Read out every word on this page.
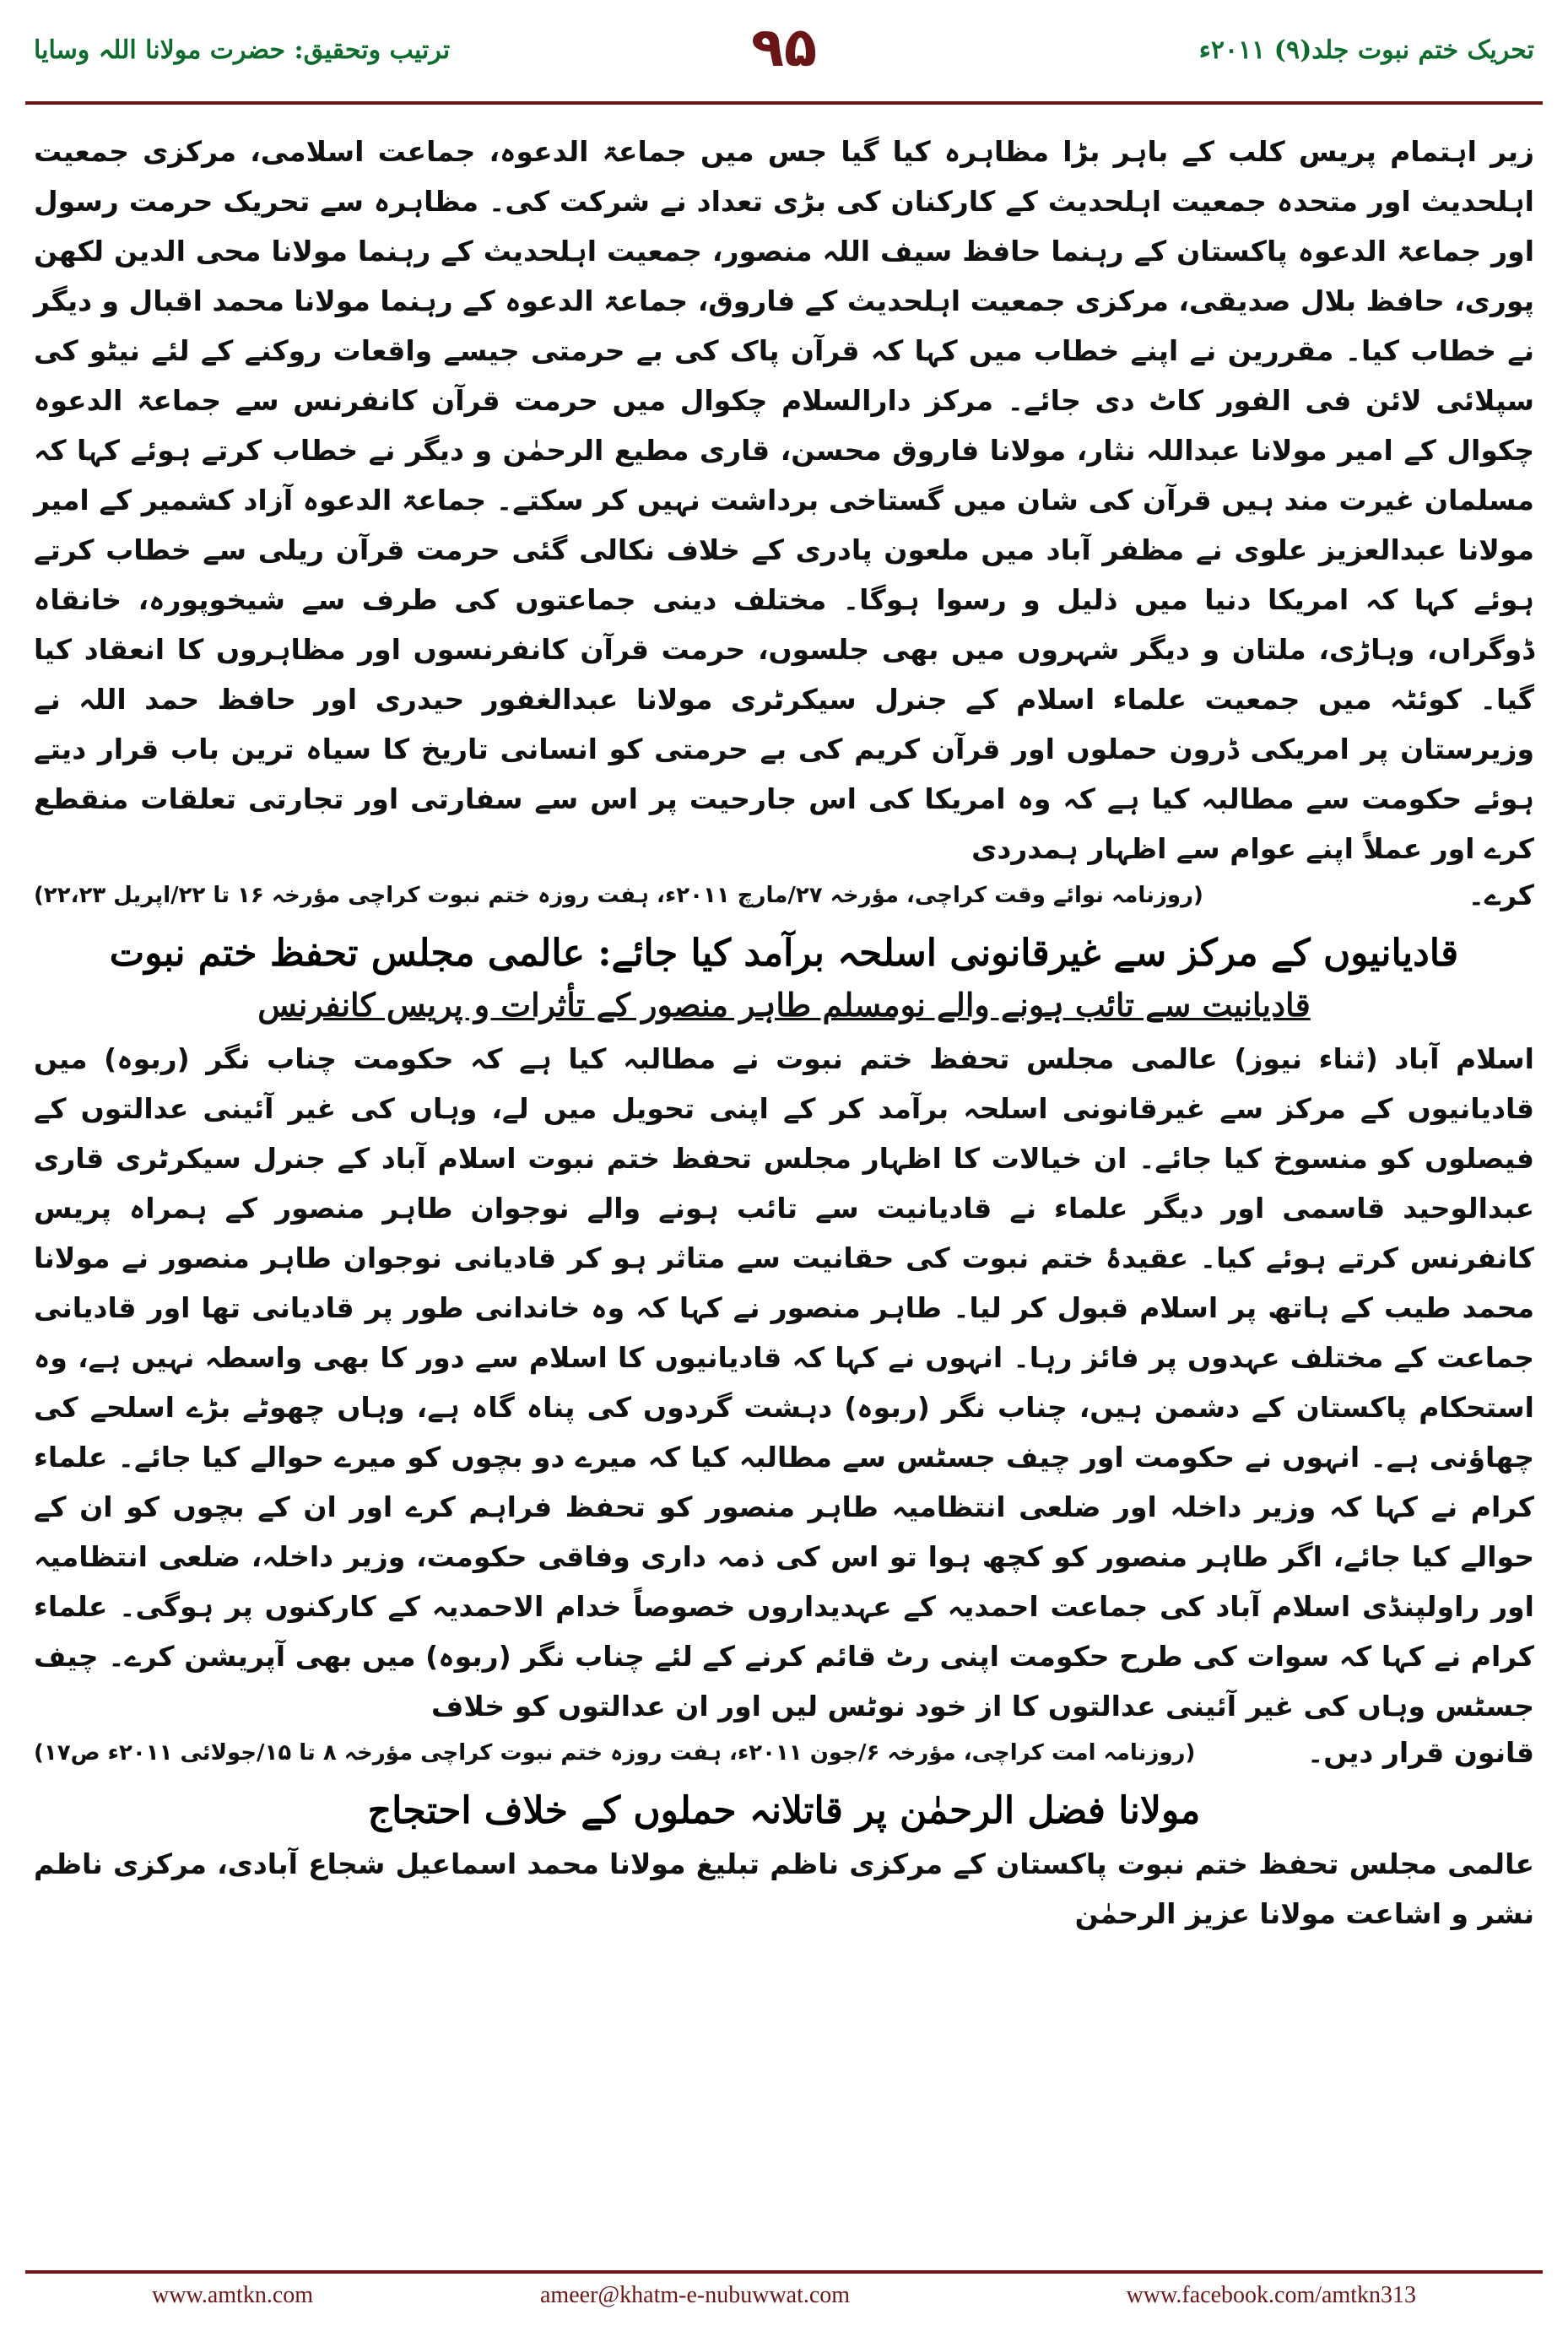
تحریک ختم نبوت جلد(۹) ۲۰۱۱ء
۹۵
ترتیب وتحقیق: حضرت مولانا اللہ وسایا

زیر اہتمام پریس کلب کے باہر بڑا مظاہرہ کیا گیا جس میں جماعۃ الدعوہ، جماعت اسلامی، مرکزی جمعیت اہلحدیث اور متحدہ جمعیت اہلحدیث کے کارکنان کی بڑی تعداد نے شرکت کی۔ مظاہرہ سے تحریک حرمت رسول اور جماعۃ الدعوہ پاکستان کے رہنما حافظ سیف اللہ منصور، جمعیت اہلحدیث کے رہنما مولانا محی الدین لکھن پوری، حافظ بلال صدیقی، مرکزی جمعیت اہلحدیث کے فاروق، جماعۃ الدعوہ کے رہنما مولانا محمد اقبال و دیگر نے خطاب کیا۔ مقررین نے اپنے خطاب میں کہا کہ قرآن پاک کی بے حرمتی جیسے واقعات روکنے کے لئے نیٹو کی سپلائی لائن فی الفور کاٹ دی جائے۔ مرکز دارالسلام چکوال میں حرمت قرآن کانفرنس سے جماعۃ الدعوہ چکوال کے امیر مولانا عبداللہ نثار، مولانا فاروق محسن، قاری مطیع الرحمٰن و دیگر نے خطاب کرتے ہوئے کہا کہ مسلمان غیرت مند ہیں قرآن کی شان میں گستاخی برداشت نہیں کر سکتے۔ جماعۃ الدعوہ آزاد کشمیر کے امیر مولانا عبدالعزیز علوی نے مظفر آباد میں ملعون پادری کے خلاف نکالی گئی حرمت قرآن ریلی سے خطاب کرتے ہوئے کہا کہ امریکا دنیا میں ذلیل و رسوا ہوگا۔ مختلف دینی جماعتوں کی طرف سے شیخوپورہ، خانقاہ ڈوگراں، وہاڑی، ملتان و دیگر شہروں میں بھی جلسوں، حرمت قرآن کانفرنسوں اور مظاہروں کا انعقاد کیا گیا۔ کوئٹہ میں جمعیت علماء اسلام کے جنرل سیکرٹری مولانا عبدالغفور حیدری اور حافظ حمد اللہ نے وزیرستان پر امریکی ڈرون حملوں اور قرآن کریم کی بے حرمتی کو انسانی تاریخ کا سیاہ ترین باب قرار دیتے ہوئے حکومت سے مطالبہ کیا ہے کہ وہ امریکا کی اس جارحیت پر اس سے سفارتی اور تجارتی تعلقات منقطع کرے اور عملاً اپنے عوام سے اظہار ہمدردی

کرے۔
(روزنامہ نوائے وقت کراچی، مؤرخہ ۲۷/مارچ ۲۰۱۱ء، ہفت روزہ ختم نبوت کراچی مؤرخہ ۱۶ تا ۲۲/اپریل ۲۲،۲۳)
قادیانیوں کے مرکز سے غیرقانونی اسلحہ برآمد کیا جائے: عالمی مجلس تحفظ ختم نبوت
قادیانیت سے تائب ہونے والے نومسلم طاہر منصور کے تأثرات و پریس کانفرنس

اسلام آباد (ثناء نیوز) عالمی مجلس تحفظ ختم نبوت نے مطالبہ کیا ہے کہ حکومت چناب نگر (ربوہ) میں قادیانیوں کے مرکز سے غیرقانونی اسلحہ برآمد کر کے اپنی تحویل میں لے، وہاں کی غیر آئینی عدالتوں کے فیصلوں کو منسوخ کیا جائے۔ ان خیالات کا اظہار مجلس تحفظ ختم نبوت اسلام آباد کے جنرل سیکرٹری قاری عبدالوحید قاسمی اور دیگر علماء نے قادیانیت سے تائب ہونے والے نوجوان طاہر منصور کے ہمراہ پریس کانفرنس کرتے ہوئے کیا۔ عقیدۂ ختم نبوت کی حقانیت سے متاثر ہو کر قادیانی نوجوان طاہر منصور نے مولانا محمد طیب کے ہاتھ پر اسلام قبول کر لیا۔ طاہر منصور نے کہا کہ وہ خاندانی طور پر قادیانی تھا اور قادیانی جماعت کے مختلف عہدوں پر فائز رہا۔ انہوں نے کہا کہ قادیانیوں کا اسلام سے دور کا بھی واسطہ نہیں ہے، وہ استحکام پاکستان کے دشمن ہیں، چناب نگر (ربوہ) دہشت گردوں کی پناہ گاہ ہے، وہاں چھوٹے بڑے اسلحے کی چھاؤنی ہے۔ انہوں نے حکومت اور چیف جسٹس سے مطالبہ کیا کہ میرے دو بچوں کو میرے حوالے کیا جائے۔ علماء کرام نے کہا کہ وزیر داخلہ اور ضلعی انتظامیہ طاہر منصور کو تحفظ فراہم کرے اور ان کے بچوں کو ان کے حوالے کیا جائے، اگر طاہر منصور کو کچھ ہوا تو اس کی ذمہ داری وفاقی حکومت، وزیر داخلہ، ضلعی انتظامیہ اور راولپنڈی اسلام آباد کی جماعت احمدیہ کے عہدیداروں خصوصاً خدام الاحمدیہ کے کارکنوں پر ہوگی۔ علماء کرام نے کہا کہ سوات کی طرح حکومت اپنی رٹ قائم کرنے کے لئے چناب نگر (ربوہ) میں بھی آپریشن کرے۔ چیف جسٹس وہاں کی غیر آئینی عدالتوں کا از خود نوٹس لیں اور ان عدالتوں کو خلاف

قانون قرار دیں۔
(روزنامہ امت کراچی، مؤرخہ ۶/جون ۲۰۱۱ء، ہفت روزہ ختم نبوت کراچی مؤرخہ ۸ تا ۱۵/جولائی ۲۰۱۱ء ص۱۷)
مولانا فضل الرحمٰن پر قاتلانہ حملوں کے خلاف احتجاج

عالمی مجلس تحفظ ختم نبوت پاکستان کے مرکزی ناظم تبلیغ مولانا محمد اسماعیل شجاع آبادی، مرکزی ناظم نشر و اشاعت مولانا عزیز الرحمٰن

www.amtkn.com	ameer@khatm-e-nubuwwat.com	www.facebook.com/amtkn313
